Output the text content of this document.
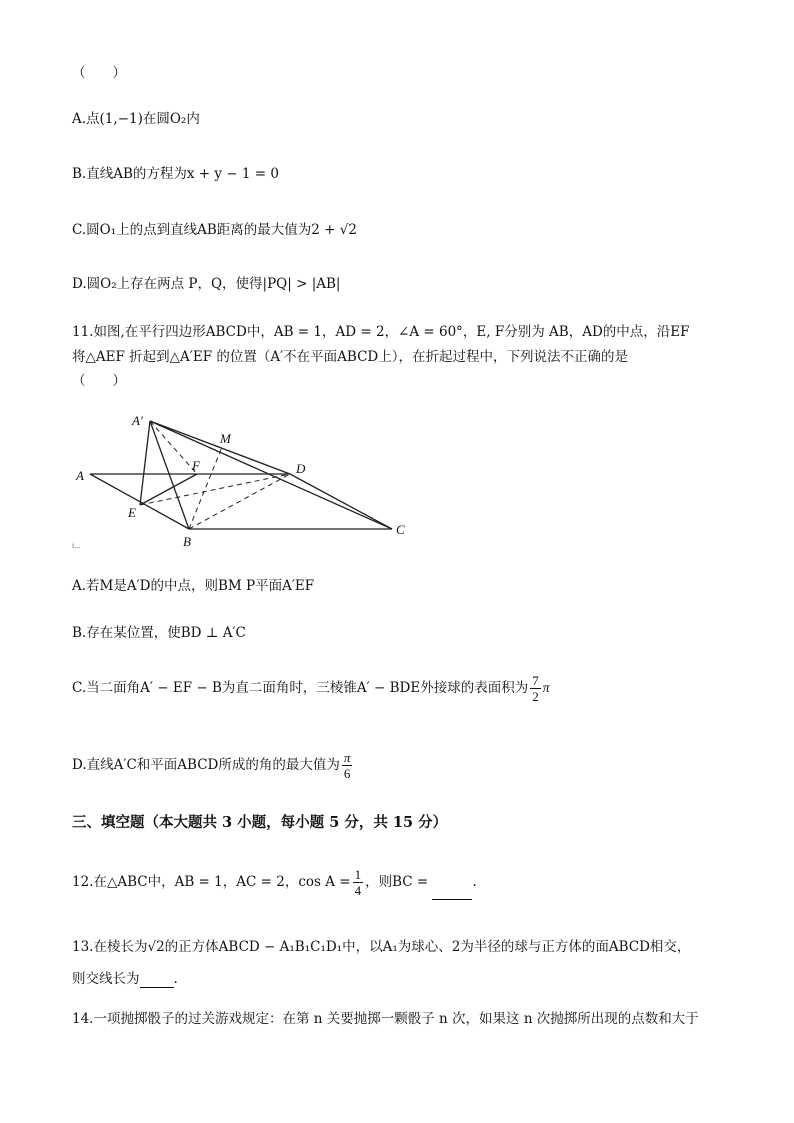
（　　）
A.点(1,−1)在圆O₂内
B.直线AB的方程为x + y − 1 = 0
C.圆O₁上的点到直线AB距离的最大值为2 + √2
D.圆O₂上存在两点 P，Q，使得|PQ| > |AB|
11.如图,在平行四边形ABCD中，AB = 1，AD = 2，∠A = 60°，E, F分别为 AB，AD的中点，沿EF
将△AEF 折起到△A′EF 的位置（A′不在平面ABCD上），在折起过程中，下列说法不正确的是
（　　）
A′
M
F	D
A
E
B
C
i...
A.若M是A′D的中点，则BM P平面A′EF
B.存在某位置，使BD ⊥ A′C
C.当二面角A′ − EF − B为直二面角时，三棱锥A′ − BDE外接球的表面积为 $\frac{7}{2}$ π
D.直线A′C和平面ABCD所成的角的最大值为 $\frac{\pi}{6}$
三、填空题（本大题共 3 小题，每小题 5 分，共 15 分）
12.在△ABC中，AB = 1，AC = 2，$\cos A = \frac{1}{4}$ ，则BC =	.
13.在棱长为√2的正方体ABCD − A₁B₁C₁D₁中，以A₁为球心、2为半径的球与正方体的面ABCD相交，
则交线长为	.
14.一项抛掷骰子的过关游戏规定：在第 n 关要抛掷一颗骰子 n 次，如果这 n 次抛掷所出现的点数和大于
